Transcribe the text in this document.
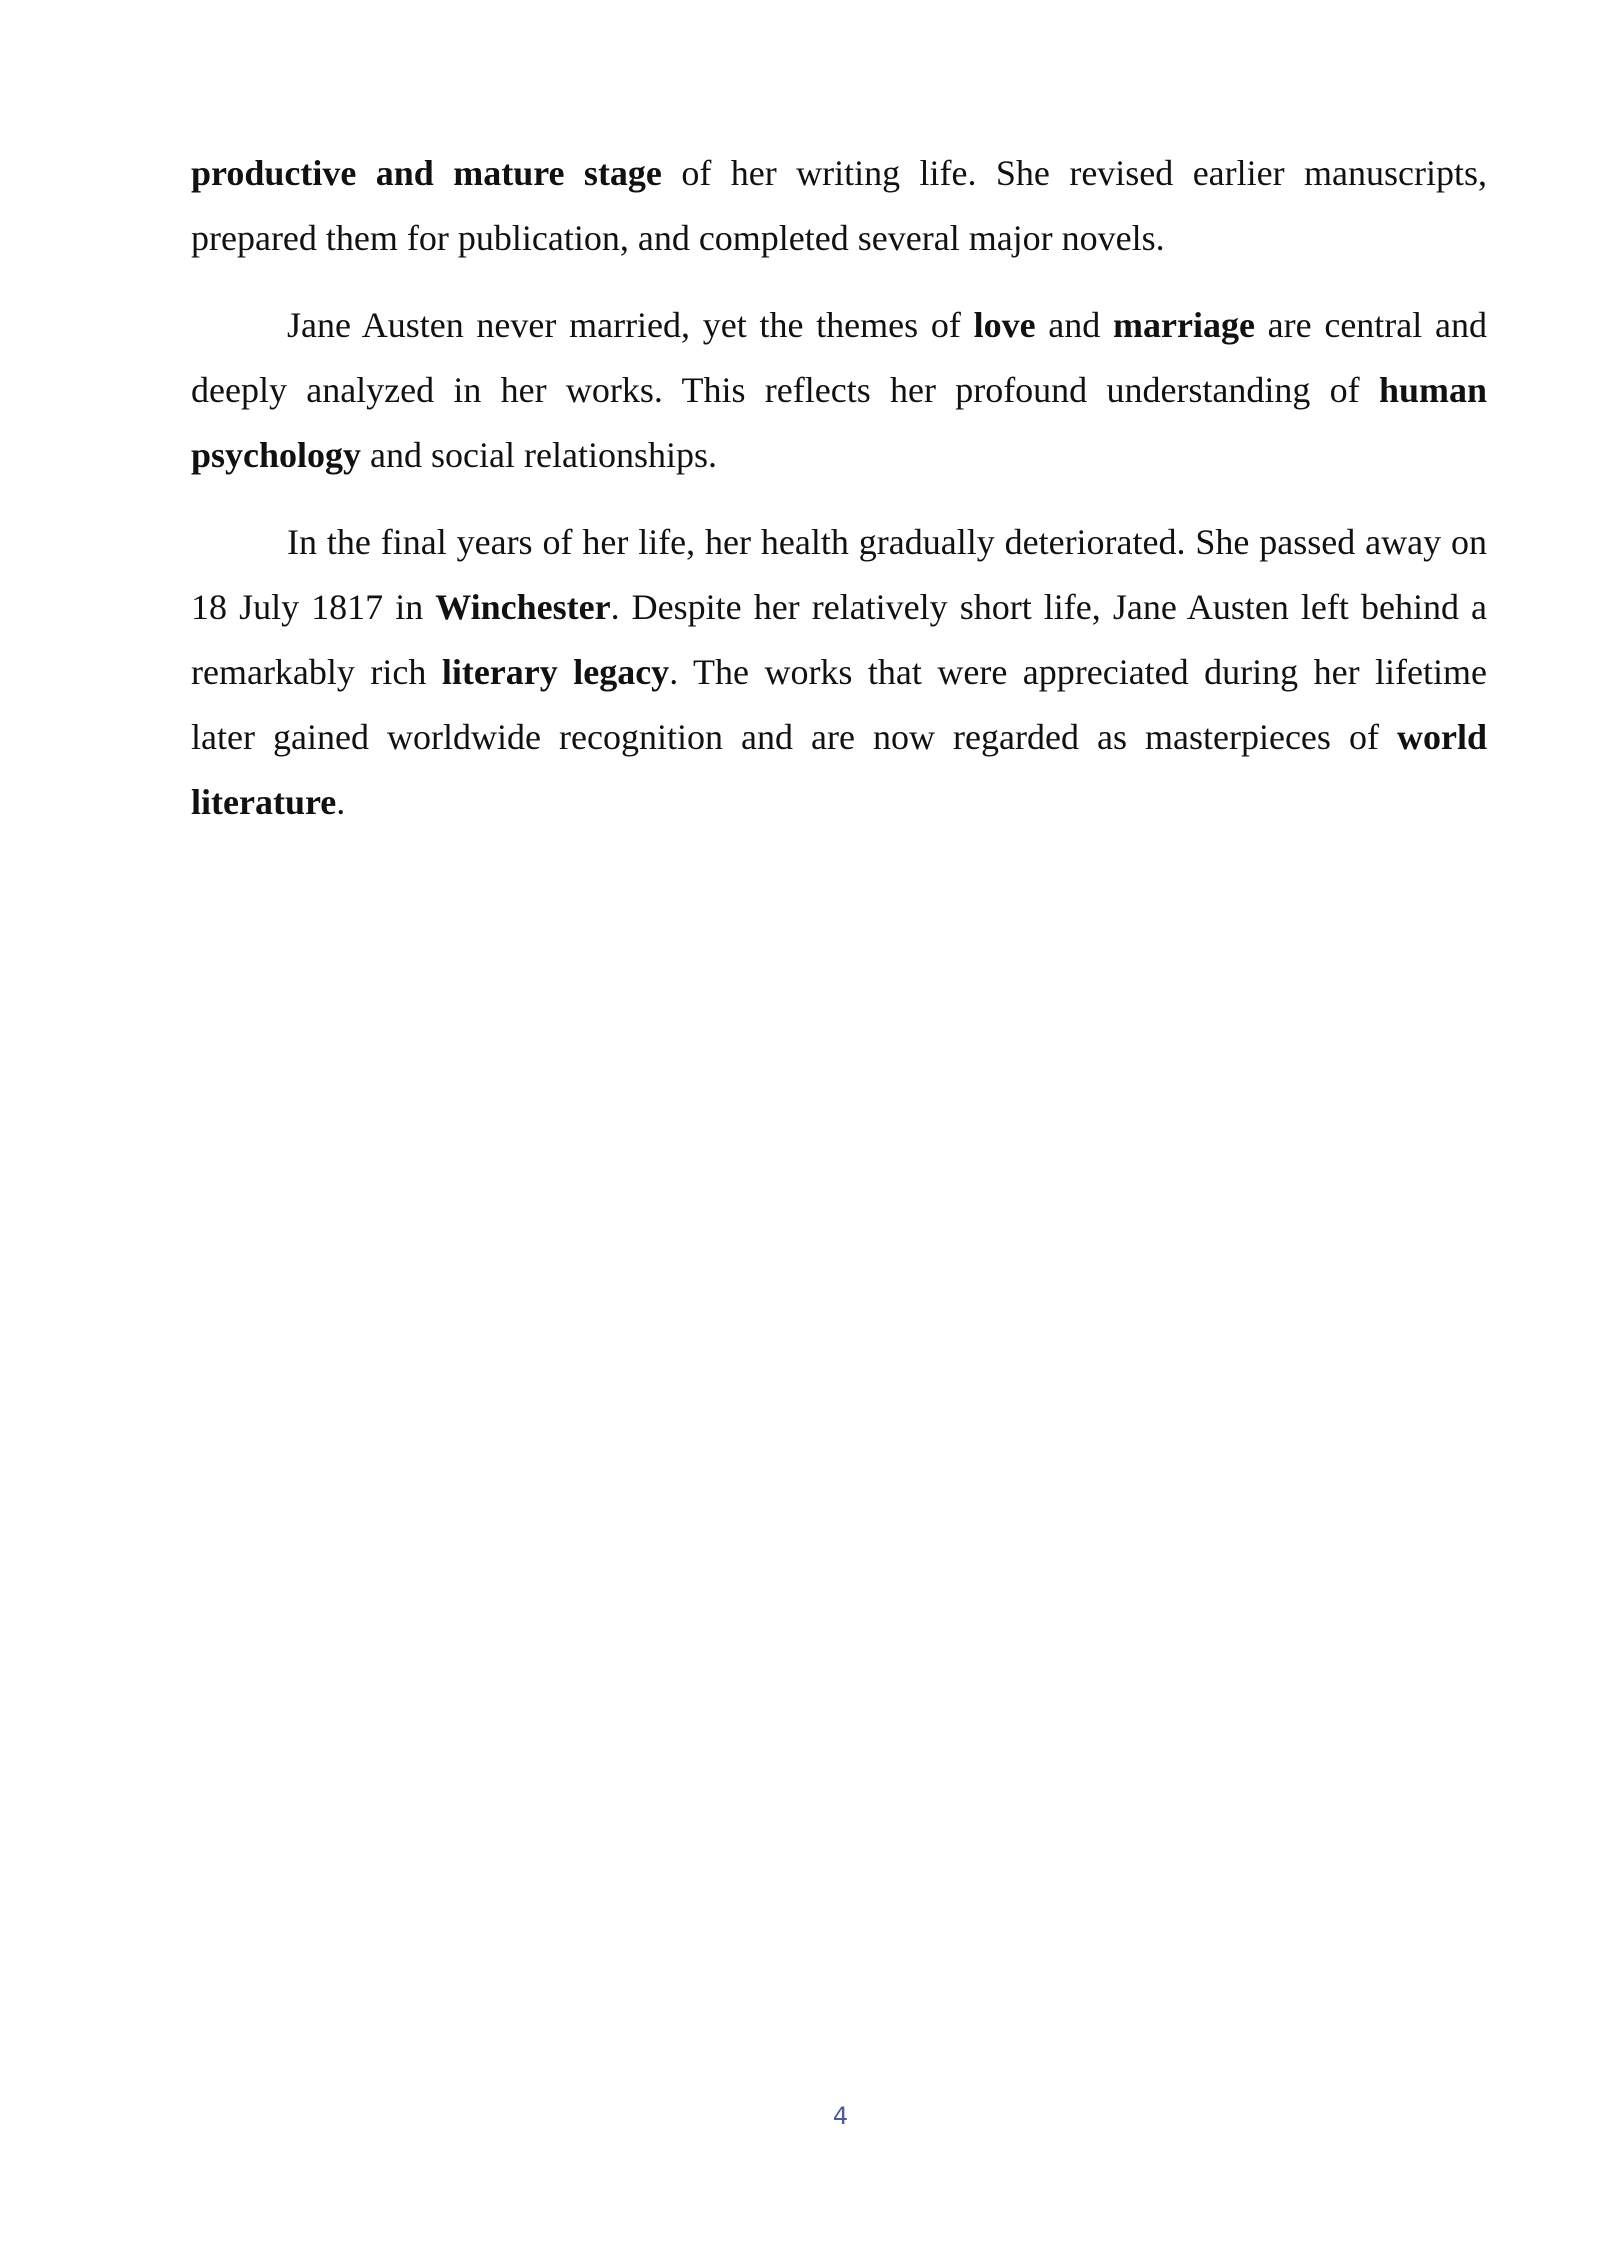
productive and mature stage of her writing life. She revised earlier manuscripts, prepared them for publication, and completed several major novels.

Jane Austen never married, yet the themes of love and marriage are central and deeply analyzed in her works. This reflects her profound understanding of human psychology and social relationships.

In the final years of her life, her health gradually deteriorated. She passed away on 18 July 1817 in Winchester. Despite her relatively short life, Jane Austen left behind a remarkably rich literary legacy. The works that were appreciated during her lifetime later gained worldwide recognition and are now regarded as masterpieces of world literature.

4
